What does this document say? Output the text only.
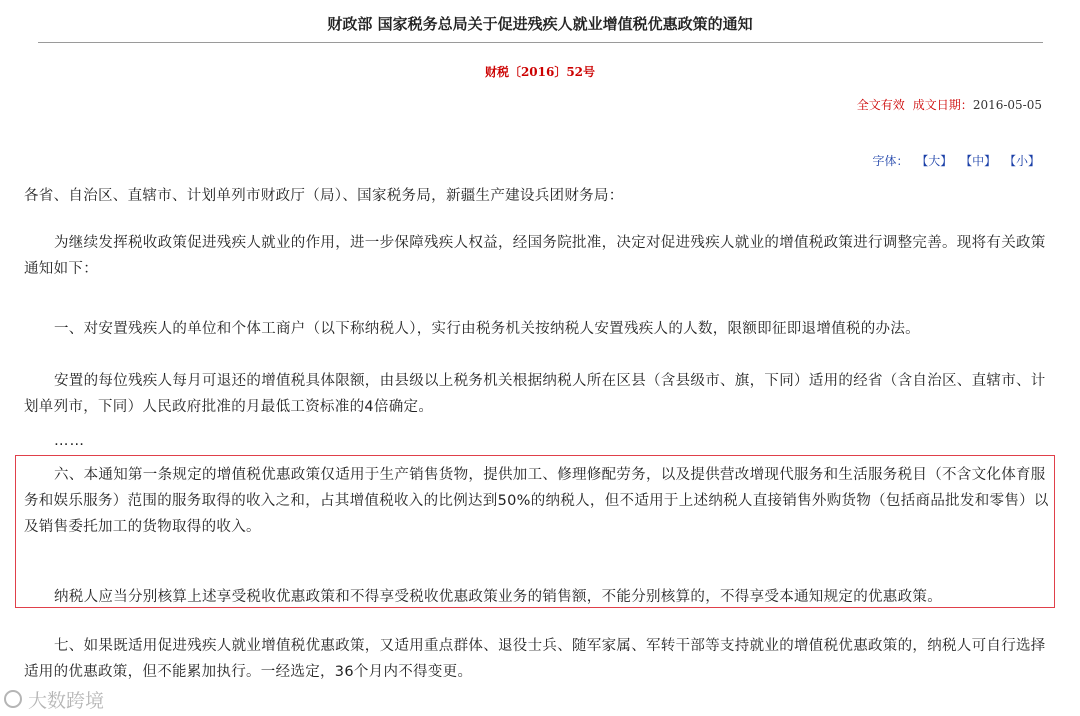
财政部 国家税务总局关于促进残疾人就业增值税优惠政策的通知
财税〔2016〕52号
全文有效 成文日期：2016-05-05
字体： 【大】 【中】 【小】

各省、自治区、直辖市、计划单列市财政厅（局）、国家税务局，新疆生产建设兵团财务局：

为继续发挥税收政策促进残疾人就业的作用，进一步保障残疾人权益，经国务院批准，决定对促进残疾人就业的增值税政策进行调整完善。现将有关政策通知如下：

一、对安置残疾人的单位和个体工商户（以下称纳税人），实行由税务机关按纳税人安置残疾人的人数，限额即征即退增值税的办法。

安置的每位残疾人每月可退还的增值税具体限额，由县级以上税务机关根据纳税人所在区县（含县级市、旗，下同）适用的经省（含自治区、直辖市、计划单列市，下同）人民政府批准的月最低工资标准的4倍确定。

……

六、本通知第一条规定的增值税优惠政策仅适用于生产销售货物，提供加工、修理修配劳务，以及提供营改增现代服务和生活服务税目（不含文化体育服务和娱乐服务）范围的服务取得的收入之和，占其增值税收入的比例达到50%的纳税人，但不适用于上述纳税人直接销售外购货物（包括商品批发和零售）以及销售委托加工的货物取得的收入。

纳税人应当分别核算上述享受税收优惠政策和不得享受税收优惠政策业务的销售额，不能分别核算的，不得享受本通知规定的优惠政策。

七、如果既适用促进残疾人就业增值税优惠政策，又适用重点群体、退役士兵、随军家属、军转干部等支持就业的增值税优惠政策的，纳税人可自行选择适用的优惠政策，但不能累加执行。一经选定，36个月内不得变更。

大数跨境
